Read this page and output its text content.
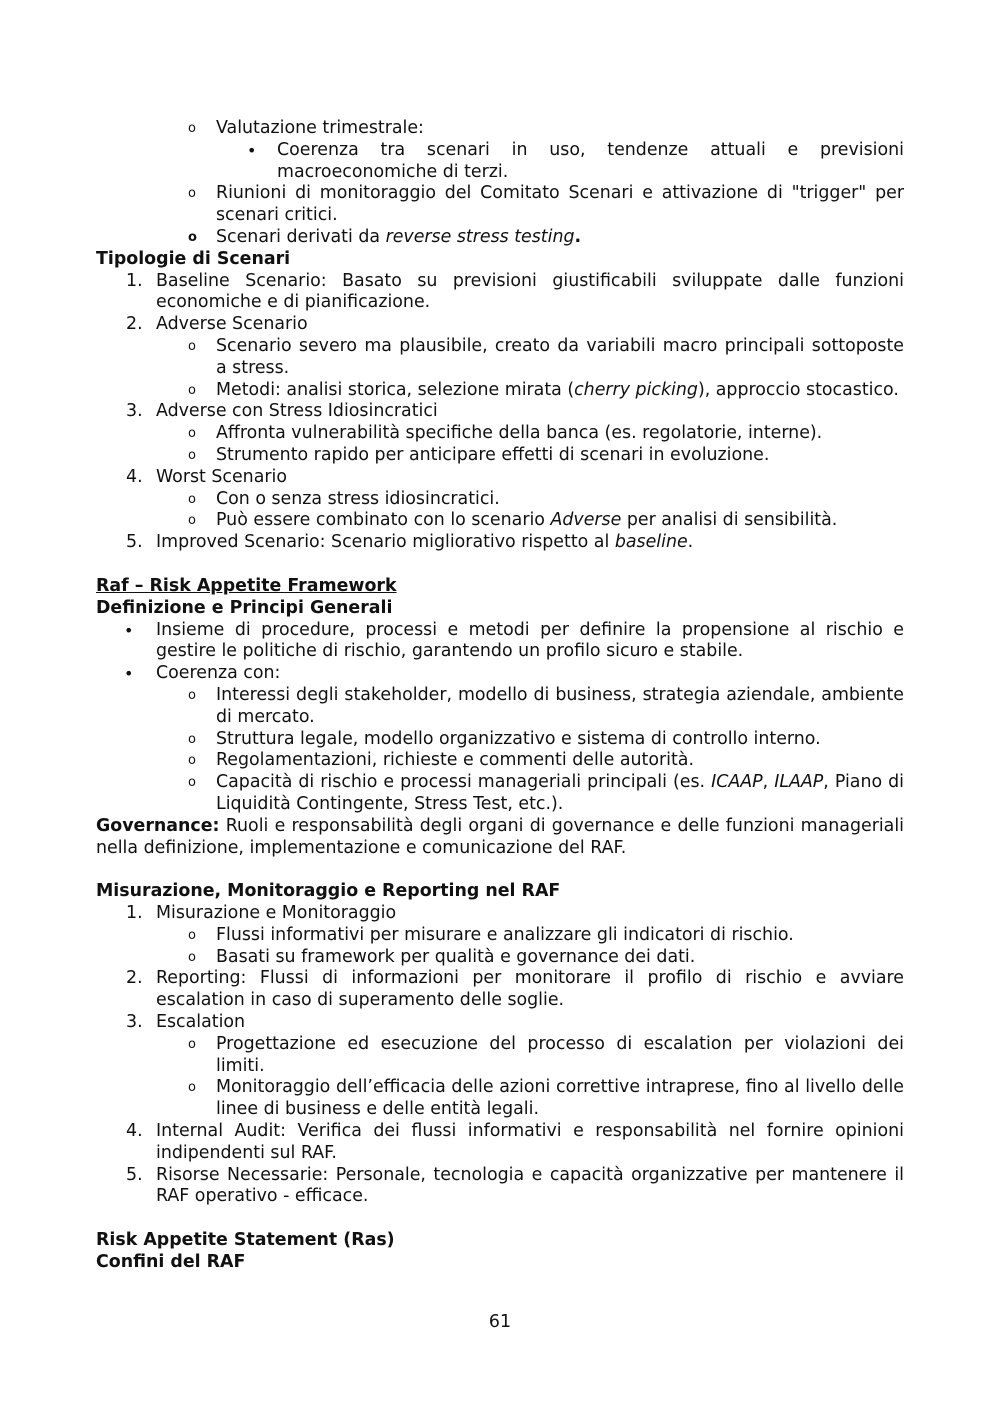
o Valutazione trimestrale:
• Coerenza tra scenari in uso, tendenze attuali e previsioni macroeconomiche di terzi.
o Riunioni di monitoraggio del Comitato Scenari e attivazione di "trigger" per scenari critici.
o Scenari derivati da reverse stress testing.
Tipologie di Scenari
1. Baseline Scenario: Basato su previsioni giustificabili sviluppate dalle funzioni economiche e di pianificazione.
2. Adverse Scenario
o Scenario severo ma plausibile, creato da variabili macro principali sottoposte a stress.
o Metodi: analisi storica, selezione mirata (cherry picking), approccio stocastico.
3. Adverse con Stress Idiosincratici
o Affronta vulnerabilità specifiche della banca (es. regolatorie, interne).
o Strumento rapido per anticipare effetti di scenari in evoluzione.
4. Worst Scenario
o Con o senza stress idiosincratici.
o Può essere combinato con lo scenario Adverse per analisi di sensibilità.
5. Improved Scenario: Scenario migliorativo rispetto al baseline.
Raf – Risk Appetite Framework
Definizione e Principi Generali
• Insieme di procedure, processi e metodi per definire la propensione al rischio e gestire le politiche di rischio, garantendo un profilo sicuro e stabile.
• Coerenza con:
o Interessi degli stakeholder, modello di business, strategia aziendale, ambiente di mercato.
o Struttura legale, modello organizzativo e sistema di controllo interno.
o Regolamentazioni, richieste e commenti delle autorità.
o Capacità di rischio e processi manageriali principali (es. ICAAP, ILAAP, Piano di Liquidità Contingente, Stress Test, etc.).
Governance: Ruoli e responsabilità degli organi di governance e delle funzioni manageriali nella definizione, implementazione e comunicazione del RAF.
Misurazione, Monitoraggio e Reporting nel RAF
1. Misurazione e Monitoraggio
o Flussi informativi per misurare e analizzare gli indicatori di rischio.
o Basati su framework per qualità e governance dei dati.
2. Reporting: Flussi di informazioni per monitorare il profilo di rischio e avviare escalation in caso di superamento delle soglie.
3. Escalation
o Progettazione ed esecuzione del processo di escalation per violazioni dei limiti.
o Monitoraggio dell’efficacia delle azioni correttive intraprese, fino al livello delle linee di business e delle entità legali.
4. Internal Audit: Verifica dei flussi informativi e responsabilità nel fornire opinioni indipendenti sul RAF.
5. Risorse Necessarie: Personale, tecnologia e capacità organizzative per mantenere il RAF operativo - efficace.
Risk Appetite Statement (Ras)
Confini del RAF
61
